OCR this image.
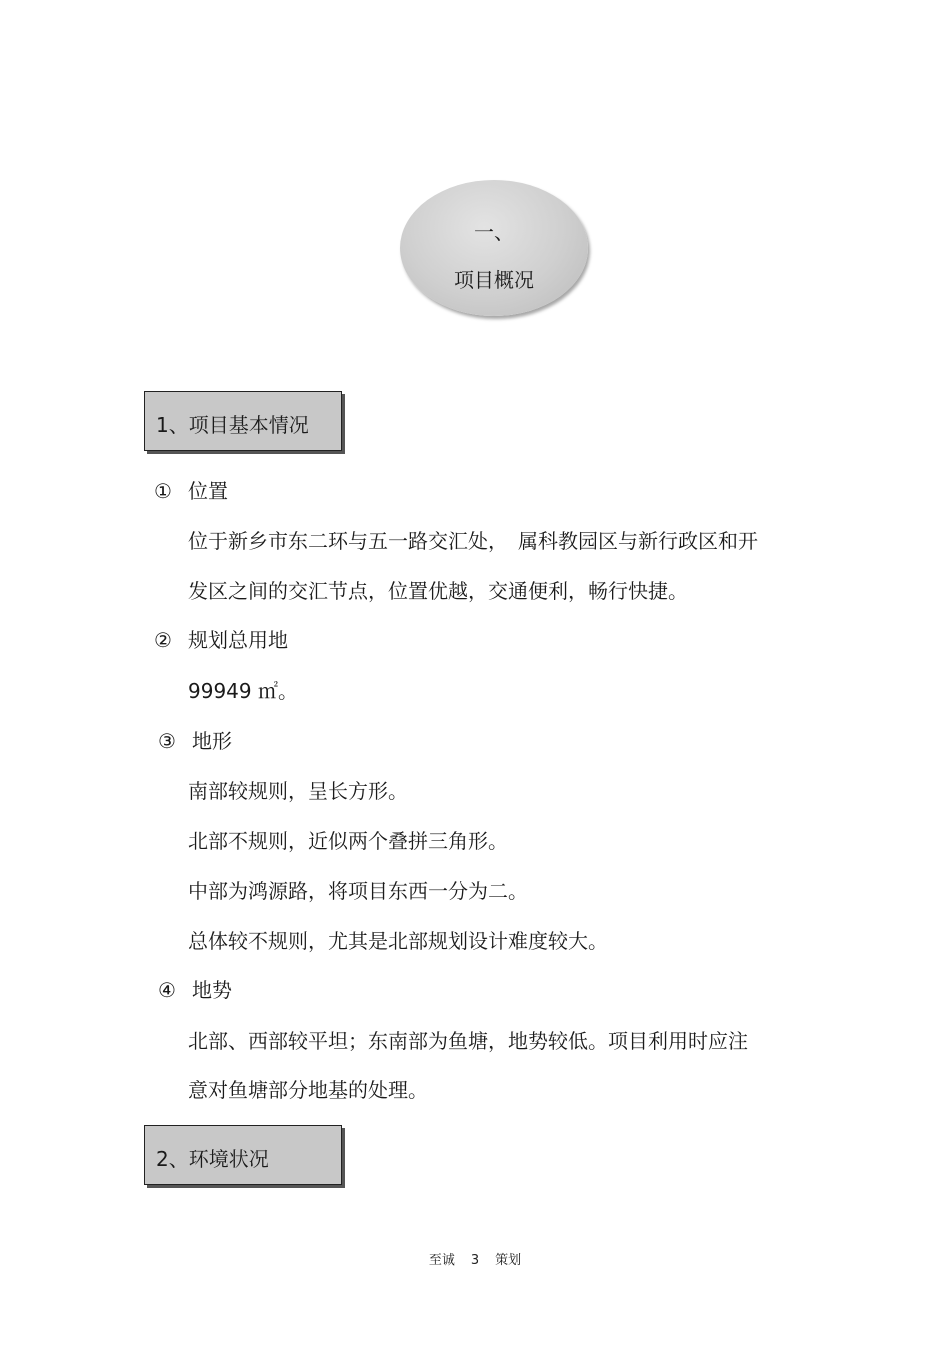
一、
项目概况
1、项目基本情况
① 位置
位于新乡市东二环与五一路交汇处，　属科教园区与新行政区和开
发区之间的交汇节点，位置优越，交通便利，畅行快捷。
② 规划总用地
99949 ㎡。
③ 地形
南部较规则，呈长方形。
北部不规则，近似两个叠拼三角形。
中部为鸿源路，将项目东西一分为二。
总体较不规则，尤其是北部规划设计难度较大。
④ 地势
北部、西部较平坦；东南部为鱼塘，地势较低。项目利用时应注
意对鱼塘部分地基的处理。
2、环境状况
至诚 3 策划
